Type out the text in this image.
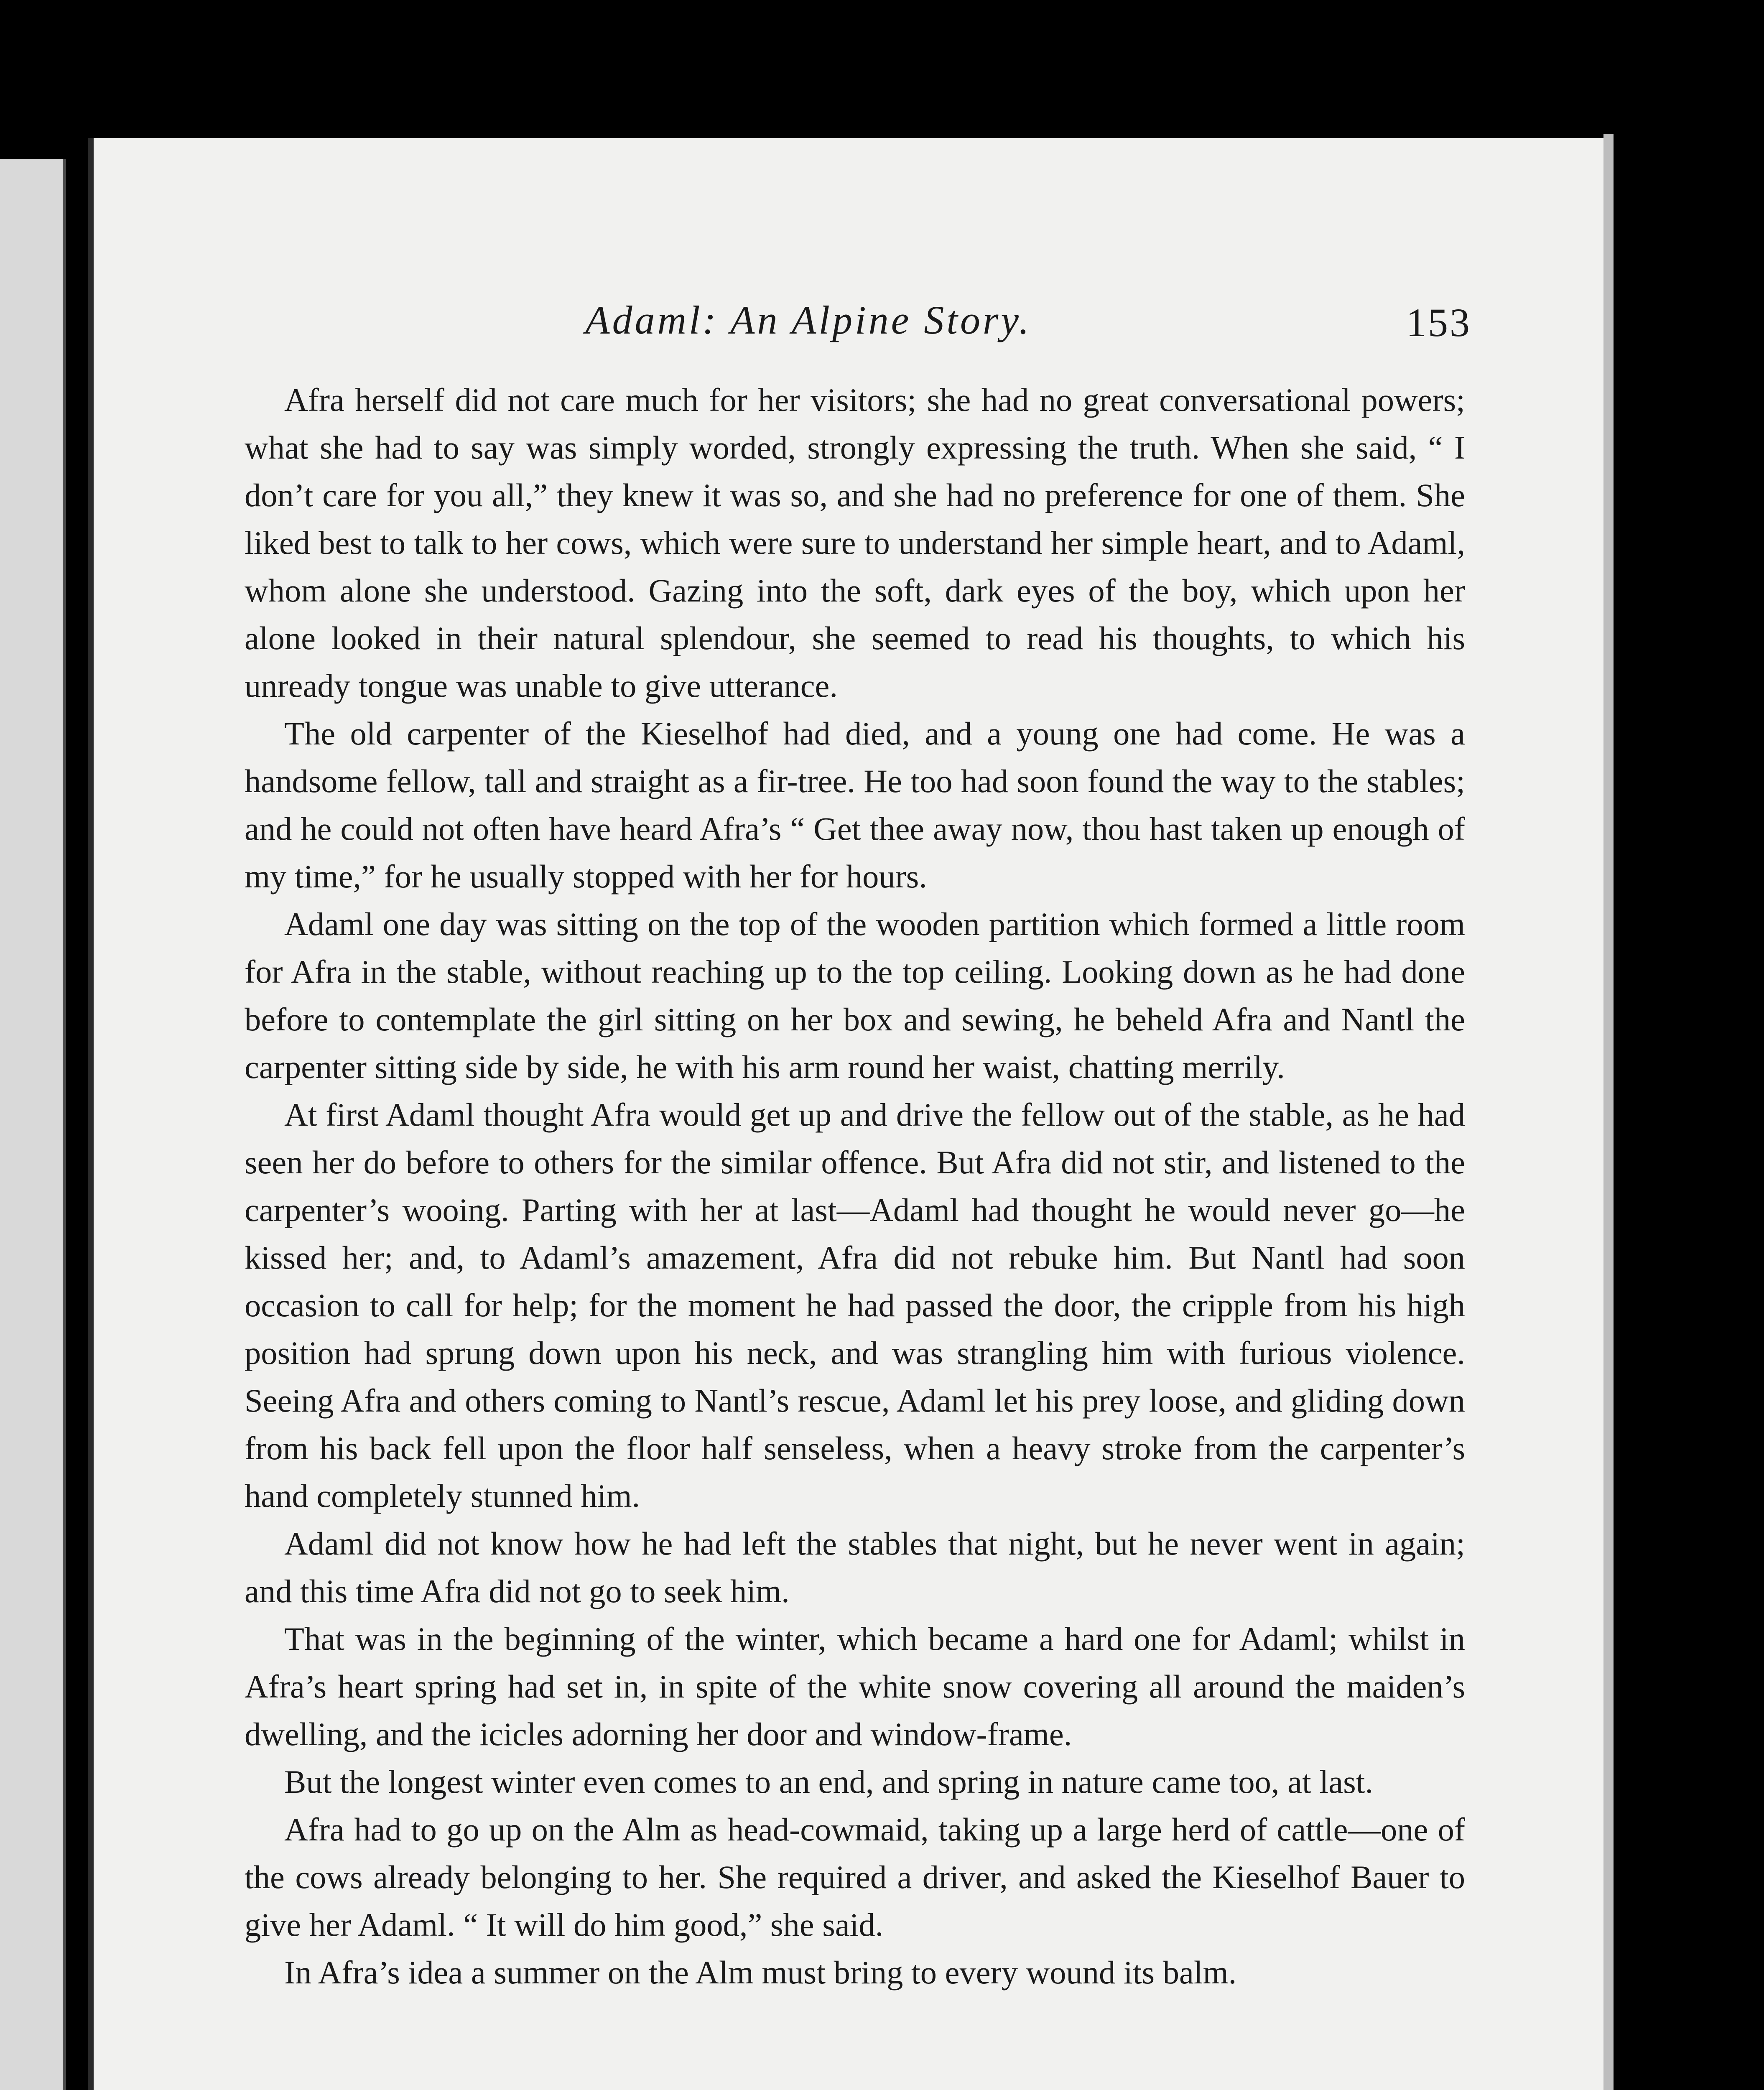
Adaml: An Alpine Story.	153

Afra herself did not care much for her visitors; she had no great conversational powers; what she had to say was simply worded, strongly expressing the truth. When she said, “ I don’t care for you all,” they knew it was so, and she had no preference for one of them. She liked best to talk to her cows, which were sure to understand her simple heart, and to Adaml, whom alone she understood. Gazing into the soft, dark eyes of the boy, which upon her alone looked in their natural splendour, she seemed to read his thoughts, to which his unready tongue was unable to give utterance.

The old carpenter of the Kieselhof had died, and a young one had come. He was a handsome fellow, tall and straight as a fir-tree. He too had soon found the way to the stables; and he could not often have heard Afra’s “ Get thee away now, thou hast taken up enough of my time,” for he usually stopped with her for hours.

Adaml one day was sitting on the top of the wooden partition which formed a little room for Afra in the stable, without reaching up to the top ceiling. Looking down as he had done before to contemplate the girl sitting on her box and sewing, he beheld Afra and Nantl the carpenter sitting side by side, he with his arm round her waist, chatting merrily.

At first Adaml thought Afra would get up and drive the fellow out of the stable, as he had seen her do before to others for the similar offence. But Afra did not stir, and listened to the carpenter’s wooing. Parting with her at last—Adaml had thought he would never go—he kissed her; and, to Adaml’s amazement, Afra did not rebuke him. But Nantl had soon occasion to call for help; for the moment he had passed the door, the cripple from his high position had sprung down upon his neck, and was strangling him with furious violence. Seeing Afra and others coming to Nantl’s rescue, Adaml let his prey loose, and gliding down from his back fell upon the floor half senseless, when a heavy stroke from the carpenter’s hand completely stunned him.

Adaml did not know how he had left the stables that night, but he never went in again; and this time Afra did not go to seek him.

That was in the beginning of the winter, which became a hard one for Adaml; whilst in Afra’s heart spring had set in, in spite of the white snow covering all around the maiden’s dwelling, and the icicles adorning her door and window-frame.

But the longest winter even comes to an end, and spring in nature came too, at last.

Afra had to go up on the Alm as head-cowmaid, taking up a large herd of cattle—one of the cows already belonging to her. She required a driver, and asked the Kieselhof Bauer to give her Adaml. “ It will do him good,” she said.

In Afra’s idea a summer on the Alm must bring to every wound its balm.
